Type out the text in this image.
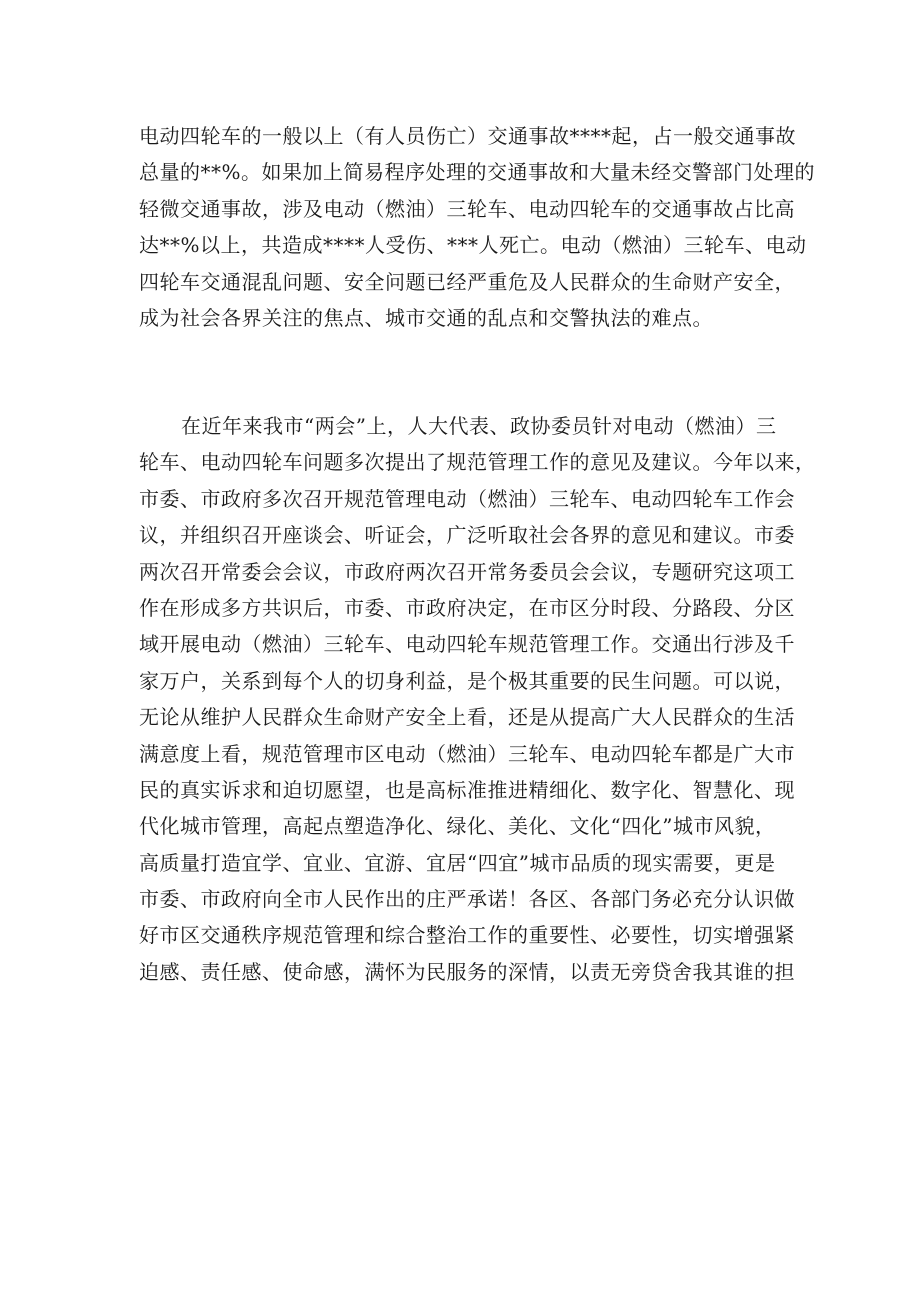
电动四轮车的一般以上（有人员伤亡）交通事故****起，占一般交通事故
总量的**%。如果加上简易程序处理的交通事故和大量未经交警部门处理的
轻微交通事故，涉及电动（燃油）三轮车、电动四轮车的交通事故占比高
达**%以上，共造成****人受伤、***人死亡。电动（燃油）三轮车、电动
四轮车交通混乱问题、安全问题已经严重危及人民群众的生命财产安全，
成为社会各界关注的焦点、城市交通的乱点和交警执法的难点。
在近年来我市“两会”上，人大代表、政协委员针对电动（燃油）三
轮车、电动四轮车问题多次提出了规范管理工作的意见及建议。今年以来，
市委、市政府多次召开规范管理电动（燃油）三轮车、电动四轮车工作会
议，并组织召开座谈会、听证会，广泛听取社会各界的意见和建议。市委
两次召开常委会会议，市政府两次召开常务委员会会议，专题研究这项工
作在形成多方共识后，市委、市政府决定，在市区分时段、分路段、分区
域开展电动（燃油）三轮车、电动四轮车规范管理工作。交通出行涉及千
家万户，关系到每个人的切身利益，是个极其重要的民生问题。可以说，
无论从维护人民群众生命财产安全上看，还是从提高广大人民群众的生活
满意度上看，规范管理市区电动（燃油）三轮车、电动四轮车都是广大市
民的真实诉求和迫切愿望，也是高标准推进精细化、数字化、智慧化、现
代化城市管理，高起点塑造净化、绿化、美化、文化“四化”城市风貌，
高质量打造宜学、宜业、宜游、宜居“四宜”城市品质的现实需要，更是
市委、市政府向全市人民作出的庄严承诺！各区、各部门务必充分认识做
好市区交通秩序规范管理和综合整治工作的重要性、必要性，切实增强紧
迫感、责任感、使命感，满怀为民服务的深情，以责无旁贷舍我其谁的担
